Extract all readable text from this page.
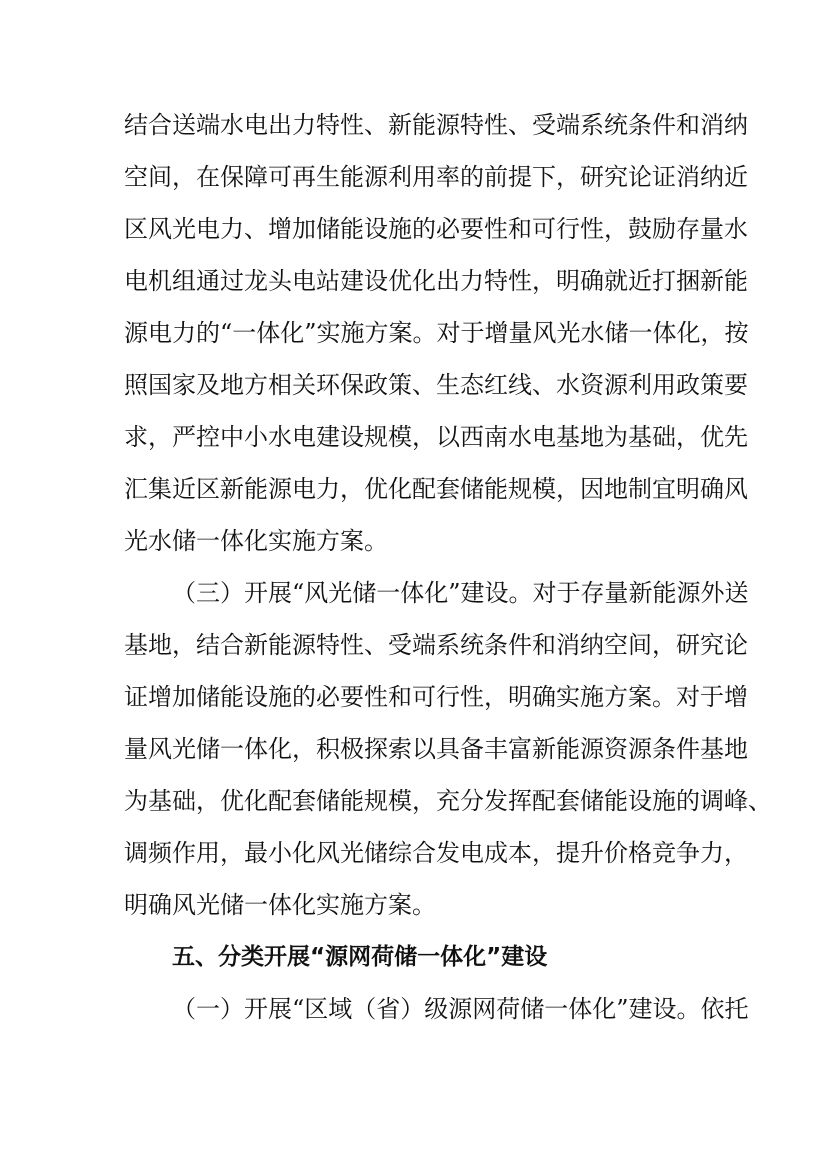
结合送端水电出力特性、新能源特性、受端系统条件和消纳
空间，在保障可再生能源利用率的前提下，研究论证消纳近
区风光电力、增加储能设施的必要性和可行性，鼓励存量水
电机组通过龙头电站建设优化出力特性，明确就近打捆新能
源电力的“一体化”实施方案。对于增量风光水储一体化，按
照国家及地方相关环保政策、生态红线、水资源利用政策要
求，严控中小水电建设规模，以西南水电基地为基础，优先
汇集近区新能源电力，优化配套储能规模，因地制宜明确风
光水储一体化实施方案。
（三）开展“风光储一体化”建设。对于存量新能源外送
基地，结合新能源特性、受端系统条件和消纳空间，研究论
证增加储能设施的必要性和可行性，明确实施方案。对于增
量风光储一体化，积极探索以具备丰富新能源资源条件基地
为基础，优化配套储能规模，充分发挥配套储能设施的调峰、
调频作用，最小化风光储综合发电成本，提升价格竞争力，
明确风光储一体化实施方案。
五、分类开展“源网荷储一体化”建设
（一）开展“区域（省）级源网荷储一体化”建设。依托
